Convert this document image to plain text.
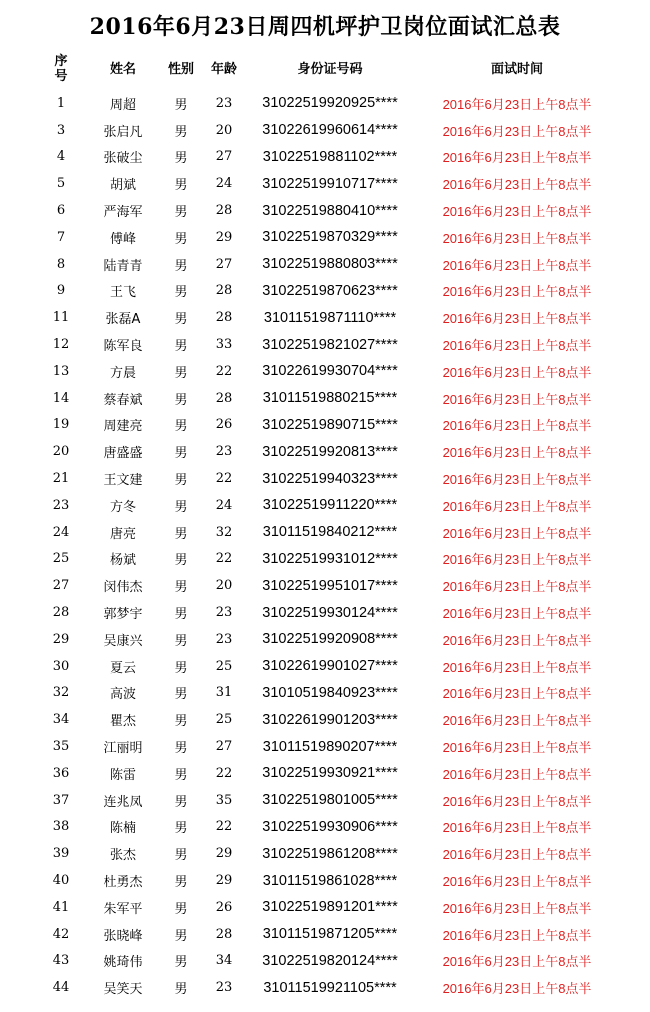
2016年6月23日周四机坪护卫岗位面试汇总表
序
号	姓名	性别	年龄	身份证号码	面试时间
1	周超	男	23	31022519920925****	2016年6月23日上午8点半
3	张启凡	男	20	31022619960614****	2016年6月23日上午8点半
4	张破尘	男	27	31022519881102****	2016年6月23日上午8点半
5	胡斌	男	24	31022519910717****	2016年6月23日上午8点半
6	严海军	男	28	31022519880410****	2016年6月23日上午8点半
7	傅峰	男	29	31022519870329****	2016年6月23日上午8点半
8	陆青青	男	27	31022519880803****	2016年6月23日上午8点半
9	王飞	男	28	31022519870623****	2016年6月23日上午8点半
11	张磊A	男	28	31011519871110****	2016年6月23日上午8点半
12	陈军良	男	33	31022519821027****	2016年6月23日上午8点半
13	方晨	男	22	31022619930704****	2016年6月23日上午8点半
14	蔡春斌	男	28	31011519880215****	2016年6月23日上午8点半
19	周建亮	男	26	31022519890715****	2016年6月23日上午8点半
20	唐盛盛	男	23	31022519920813****	2016年6月23日上午8点半
21	王文建	男	22	31022519940323****	2016年6月23日上午8点半
23	方冬	男	24	31022519911220****	2016年6月23日上午8点半
24	唐亮	男	32	31011519840212****	2016年6月23日上午8点半
25	杨斌	男	22	31022519931012****	2016年6月23日上午8点半
27	闵伟杰	男	20	31022519951017****	2016年6月23日上午8点半
28	郭梦宇	男	23	31022519930124****	2016年6月23日上午8点半
29	吴康兴	男	23	31022519920908****	2016年6月23日上午8点半
30	夏云	男	25	31022619901027****	2016年6月23日上午8点半
32	高波	男	31	31010519840923****	2016年6月23日上午8点半
34	瞿杰	男	25	31022619901203****	2016年6月23日上午8点半
35	江丽明	男	27	31011519890207****	2016年6月23日上午8点半
36	陈雷	男	22	31022519930921****	2016年6月23日上午8点半
37	连兆凤	男	35	31022519801005****	2016年6月23日上午8点半
38	陈楠	男	22	31022519930906****	2016年6月23日上午8点半
39	张杰	男	29	31022519861208****	2016年6月23日上午8点半
40	杜勇杰	男	29	31011519861028****	2016年6月23日上午8点半
41	朱军平	男	26	31022519891201****	2016年6月23日上午8点半
42	张晓峰	男	28	31011519871205****	2016年6月23日上午8点半
43	姚琦伟	男	34	31022519820124****	2016年6月23日上午8点半
44	吴笑天	男	23	31011519921105****	2016年6月23日上午8点半
